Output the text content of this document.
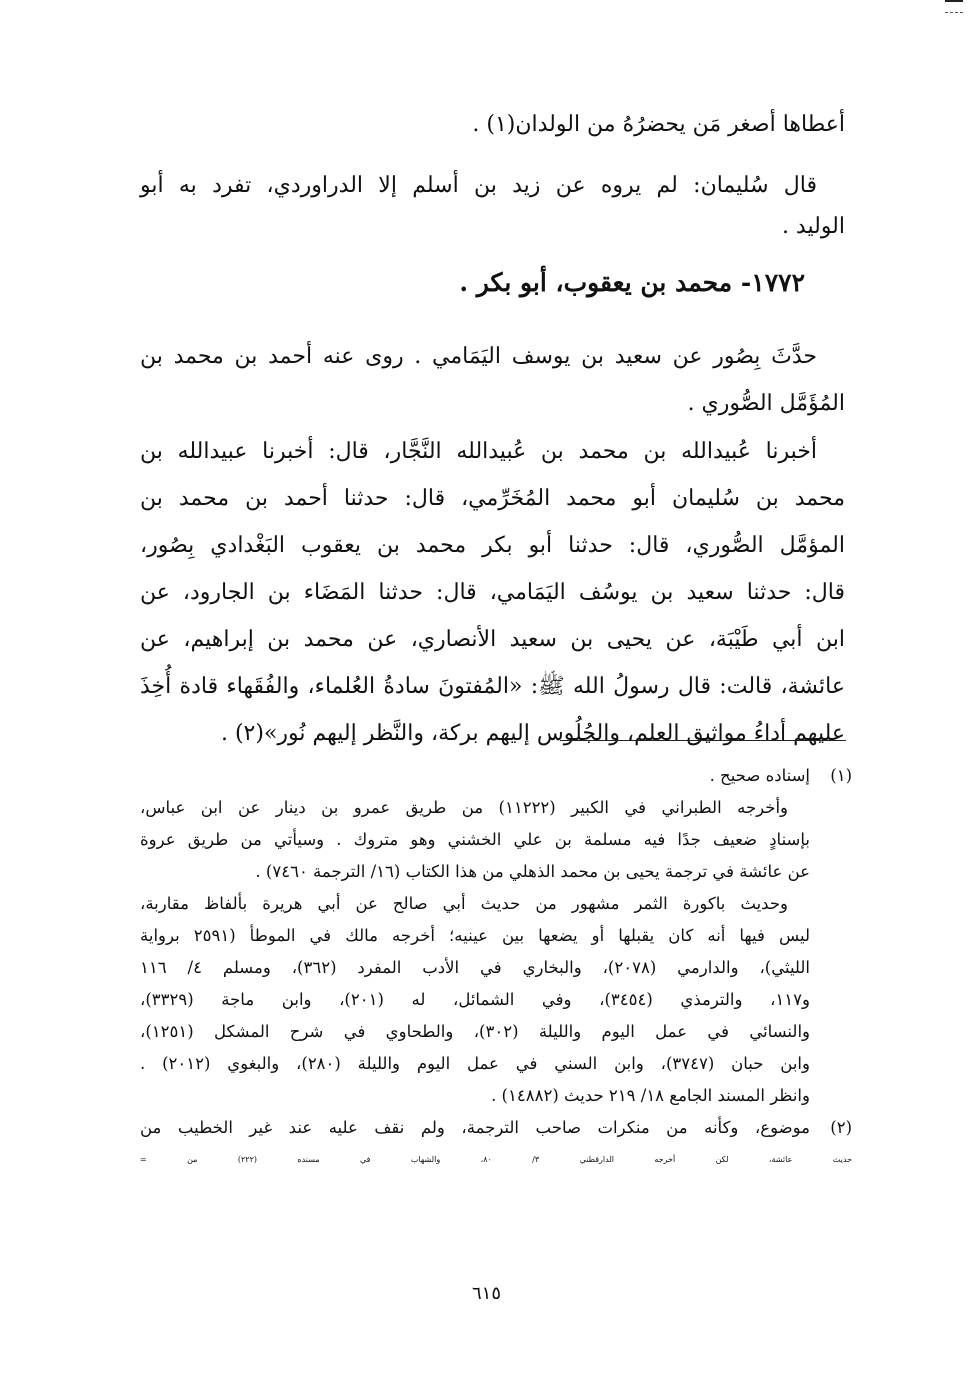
أعطاها أصغر مَن يحضرُهُ من الولدان(١) .
قال سُليمان: لم يروه عن زيد بن أسلم إلا الدراوردي، تفرد به أبو
الوليد .
١٧٧٢- محمد بن يعقوب، أبو بكر .
حدَّثَ بِصُور عن سعيد بن يوسف اليَمَامي . روى عنه أحمد بن محمد بن
المُؤَمَّل الصُّوري .
أخبرنا عُبيدالله بن محمد بن عُبيدالله النَّجَّار، قال: أخبرنا عبيدالله بن
محمد بن سُليمان أبو محمد المُخَرِّمي، قال: حدثنا أحمد بن محمد بن
المؤمَّل الصُّوري، قال: حدثنا أبو بكر محمد بن يعقوب البَغْدادي بِصُور،
قال: حدثنا سعيد بن يوسُف اليَمَامي، قال: حدثنا المَضَاء بن الجارود، عن
ابن أبي طَيْبَة، عن يحيى بن سعيد الأنصاري، عن محمد بن إبراهيم، عن
عائشة، قالت: قال رسولُ الله ﷺ: «المُفتونَ سادةُ العُلماء، والفُقَهاء قادة أُخِذَ
عليهم أداءُ مواثيق العلم، والجُلُوس إليهم بركة، والنَّظر إليهم نُور»(٢) .
(١)
إسناده صحيح .
وأخرجه الطبراني في الكبير (١١٢٢٢) من طريق عمرو بن دينار عن ابن عباس،
بإسنادٍ ضعيف جدًا فيه مسلمة بن علي الخشني وهو متروك . وسيأتي من طريق عروة
عن عائشة في ترجمة يحيى بن محمد الذهلي من هذا الكتاب (١٦/ الترجمة ٧٤٦٠) .
وحديث باكورة الثمر مشهور من حديث أبي صالح عن أبي هريرة بألفاظ مقاربة،
ليس فيها أنه كان يقبلها أو يضعها بين عينيه؛ أخرجه مالك في الموطأ (٢٥٩١ برواية
الليثي)، والدارمي (٢٠٧٨)، والبخاري في الأدب المفرد (٣٦٢)، ومسلم ٤/ ١١٦
و١١٧، والترمذي (٣٤٥٤)، وفي الشمائل، له (٢٠١)، وابن ماجة (٣٣٢٩)،
والنسائي في عمل اليوم والليلة (٣٠٢)، والطحاوي في شرح المشكل (١٢٥١)،
وابن حبان (٣٧٤٧)، وابن السني في عمل اليوم والليلة (٢٨٠)، والبغوي (٢٠١٢) .
وانظر المسند الجامع ١٨/ ٢١٩ حديث (١٤٨٨٢) .
(٢)
موضوع، وكأنه من منكرات صاحب الترجمة، ولم نقف عليه عند غير الخطيب من
حديث عائشة، لكن أخرجه الدارقطني ٣/ ٨٠، والشهاب في مسنده (٢٢٢) من =
٦١٥
